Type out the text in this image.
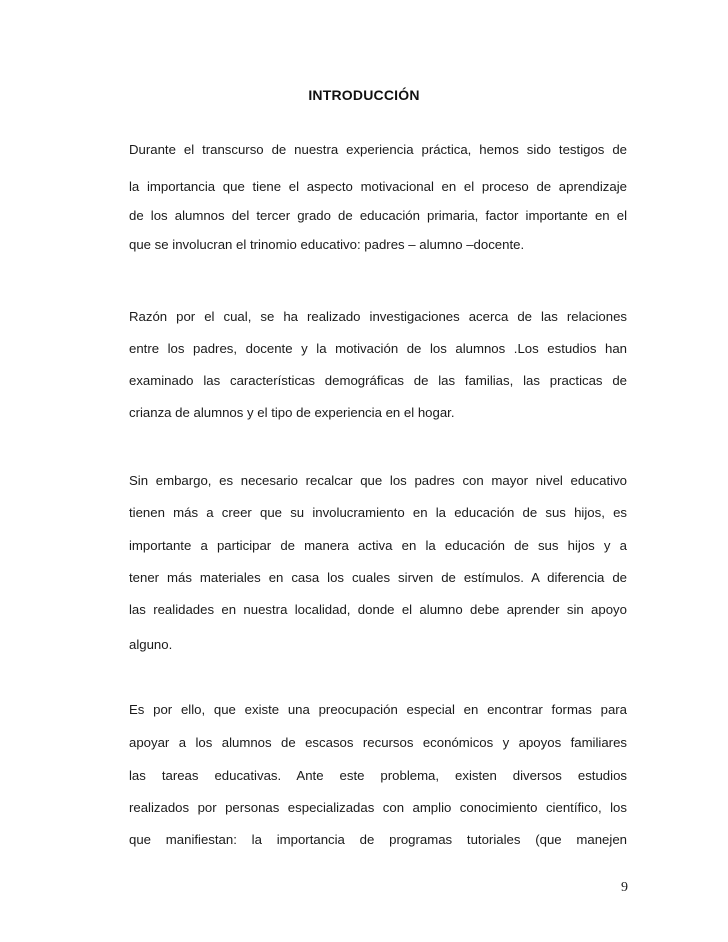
INTRODUCCIÓN
Durante el transcurso de nuestra experiencia práctica, hemos sido testigos de
la importancia que tiene el aspecto motivacional en el proceso de aprendizaje
de los alumnos del tercer grado de educación primaria, factor importante en el
que se involucran el trinomio educativo: padres – alumno –docente.
Razón por el cual, se ha realizado investigaciones acerca de las relaciones
entre los padres, docente y la motivación de los alumnos .Los estudios han
examinado las características demográficas de las familias, las practicas de
crianza de alumnos y el tipo de experiencia en el hogar.
Sin embargo, es necesario recalcar que los padres con mayor nivel educativo
tienen más a creer que su involucramiento en la educación de sus hijos, es
importante a participar de manera activa en la educación de sus hijos y a
tener más materiales en casa los cuales sirven de estímulos. A diferencia de
las realidades en nuestra localidad, donde el alumno debe aprender sin apoyo
alguno.
Es por ello, que existe una preocupación especial en encontrar formas para
apoyar a los alumnos de escasos recursos económicos y apoyos familiares
las tareas educativas. Ante este problema, existen diversos estudios
realizados por personas especializadas con amplio conocimiento científico, los
que manifiestan: la importancia de programas tutoriales (que manejen
9
